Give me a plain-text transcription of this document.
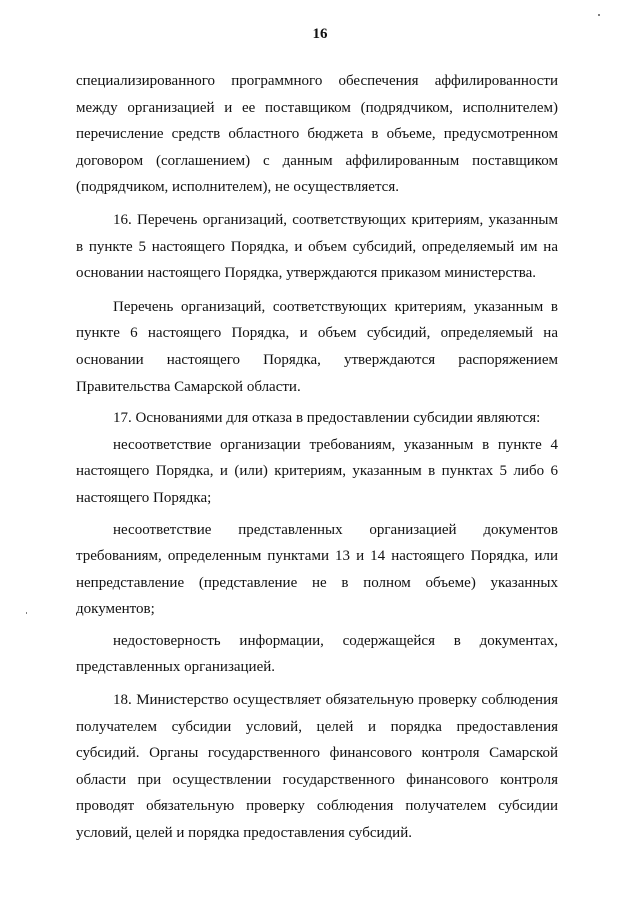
16

специализированного программного обеспечения аффилированности между организацией и ее поставщиком (подрядчиком, исполнителем) перечисление средств областного бюджета в объеме, предусмотренном договором (соглашением) с данным аффилированным поставщиком (подрядчиком, исполнителем), не осуществляется.

16. Перечень организаций, соответствующих критериям, указанным в пункте 5 настоящего Порядка, и объем субсидий, определяемый им на основании настоящего Порядка, утверждаются приказом министерства.

Перечень организаций, соответствующих критериям, указанным в пункте 6 настоящего Порядка, и объем субсидий, определяемый на основании настоящего Порядка, утверждаются распоряжением Правительства Самарской области.

17. Основаниями для отказа в предоставлении субсидии являются:

несоответствие организации требованиям, указанным в пункте 4 настоящего Порядка, и (или) критериям, указанным в пунктах 5 либо 6 настоящего Порядка;

несоответствие представленных организацией документов требованиям, определенным пунктами 13 и 14 настоящего Порядка, или непредставление (представление не в полном объеме) указанных документов;

недостоверность информации, содержащейся в документах, представленных организацией.

18. Министерство осуществляет обязательную проверку соблюдения получателем субсидии условий, целей и порядка предоставления субсидий. Органы государственного финансового контроля Самарской области при осуществлении государственного финансового контроля проводят обязательную проверку соблюдения получателем субсидии условий, целей и порядка предоставления субсидий.
